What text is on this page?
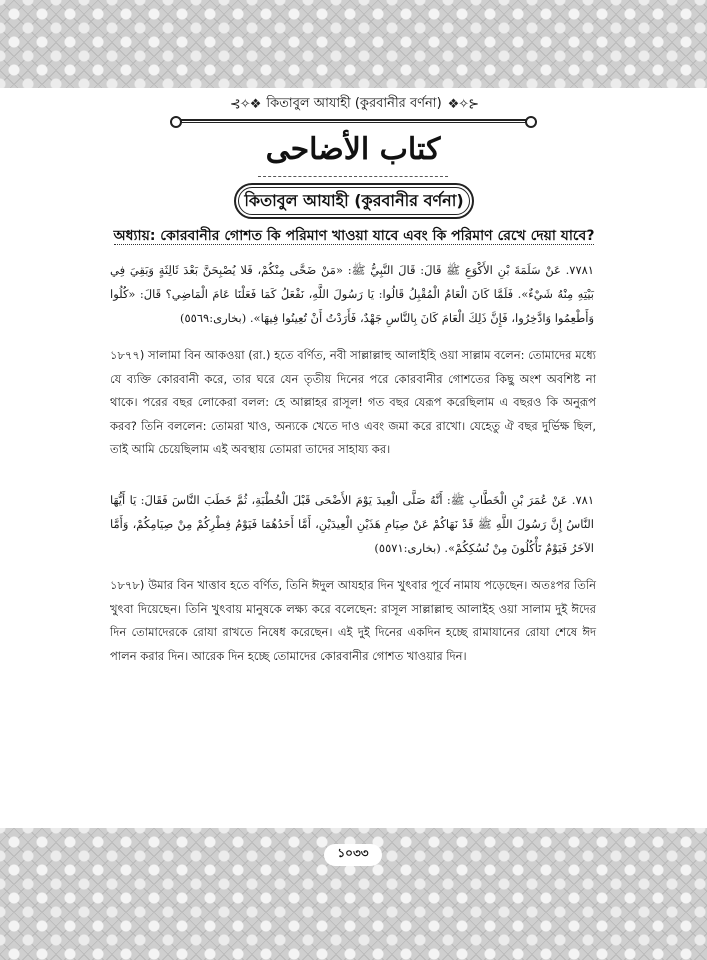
⊰✧❖ কিতাবুল আযাহী (কুরবানীর বর্ণনা) ❖✧⊱
كتاب الأضاحى
কিতাবুল আযাহী (কুরবানীর বর্ণনা)
অধ্যায়: কোরবানীর গোশত কি পরিমাণ খাওয়া যাবে এবং কি পরিমাণ রেখে দেয়া যাবে?
٧٧٨١. عَنْ سَلَمَةَ بْنِ الأَكْوَعِ ﷺ قَالَ: قَالَ النَّبِيُّ ﷺ: «مَنْ ضَحَّى مِنْكُمْ، فَلا يُصْبِحَنَّ بَعْدَ ثَالِثَةٍ وَبَقِيَ فِي بَيْتِهِ مِنْهُ شَيْءٌ». فَلَمَّا كَانَ الْعَامُ الْمُقْبِلُ قَالُوا: يَا رَسُولَ اللَّهِ، نَفْعَلُ كَمَا فَعَلْنَا عَامَ الْمَاضِي؟ قَالَ: «كُلُوا وَأَطْعِمُوا وَادَّخِرُوا، فَإِنَّ ذَلِكَ الْعَامَ كَانَ بِالنَّاسِ جَهْدٌ، فَأَرَدْتُ أَنْ تُعِينُوا فِيهَا». (بخارى:٥٥٦٩)
১৮৭৭) সালামা বিন আকওয়া (রা.) হতে বর্ণিত, নবী সাল্লাল্লাহু আলাইহি ওয়া সাল্লাম বলেন: তোমাদের মধ্যে যে ব্যক্তি কোরবানী করে, তার ঘরে যেন তৃতীয় দিনের পরে কোরবানীর গোশতের কিছু অংশ অবশিষ্ট না থাকে। পরের বছর লোকেরা বলল: হে আল্লাহর রাসূল! গত বছর যেরূপ করেছিলাম এ বছরও কি অনুরূপ করব? তিনি বললেন: তোমরা খাও, অন্যকে খেতে দাও এবং জমা করে রাখো। যেহেতু ঐ বছর দুর্ভিক্ষ ছিল, তাই আমি চেয়েছিলাম এই অবস্থায় তোমরা তাদের সাহায্য কর।
٧٨١. عَنْ عُمَرَ بْنِ الْخَطَّابِ ﷺ: أَنَّهُ صَلَّى الْعِيدَ يَوْمَ الأَضْحَى قَبْلَ الْخُطْبَةِ، ثُمَّ خَطَبَ النَّاسَ فَقَالَ: يَا أَيُّهَا النَّاسُ إِنَّ رَسُولَ اللَّهِ ﷺ قَدْ نَهَاكُمْ عَنْ صِيَامِ هَذَيْنِ الْعِيدَيْنِ، أَمَّا أَحَدُهُمَا فَيَوْمُ فِطْرِكُمْ مِنْ صِيَامِكُمْ، وَأَمَّا الآخَرُ فَيَوْمٌ تَأْكُلُونَ مِنْ نُسُكِكُمْ». (بخارى:٥٥٧١)
১৮৭৮) উমার বিন খাত্তাব হতে বর্ণিত, তিনি ঈদুল আযহার দিন খুৎবার পূর্বে নামায পড়েছেন। অতঃপর তিনি খুৎবা দিয়েছেন। তিনি খুৎবায় মানুষকে লক্ষ্য করে বলেছেন: রাসূল সাল্লাল্লাহু আলাইহ ওয়া সালাম দুই ঈদের দিন তোমাদেরকে রোযা রাখতে নিষেধ করেছেন। এই দুই দিনের একদিন হচ্ছে রামাযানের রোযা শেষে ঈদ পালন করার দিন। আরেক দিন হচ্ছে তোমাদের কোরবানীর গোশত খাওয়ার দিন।
১০৩৩
